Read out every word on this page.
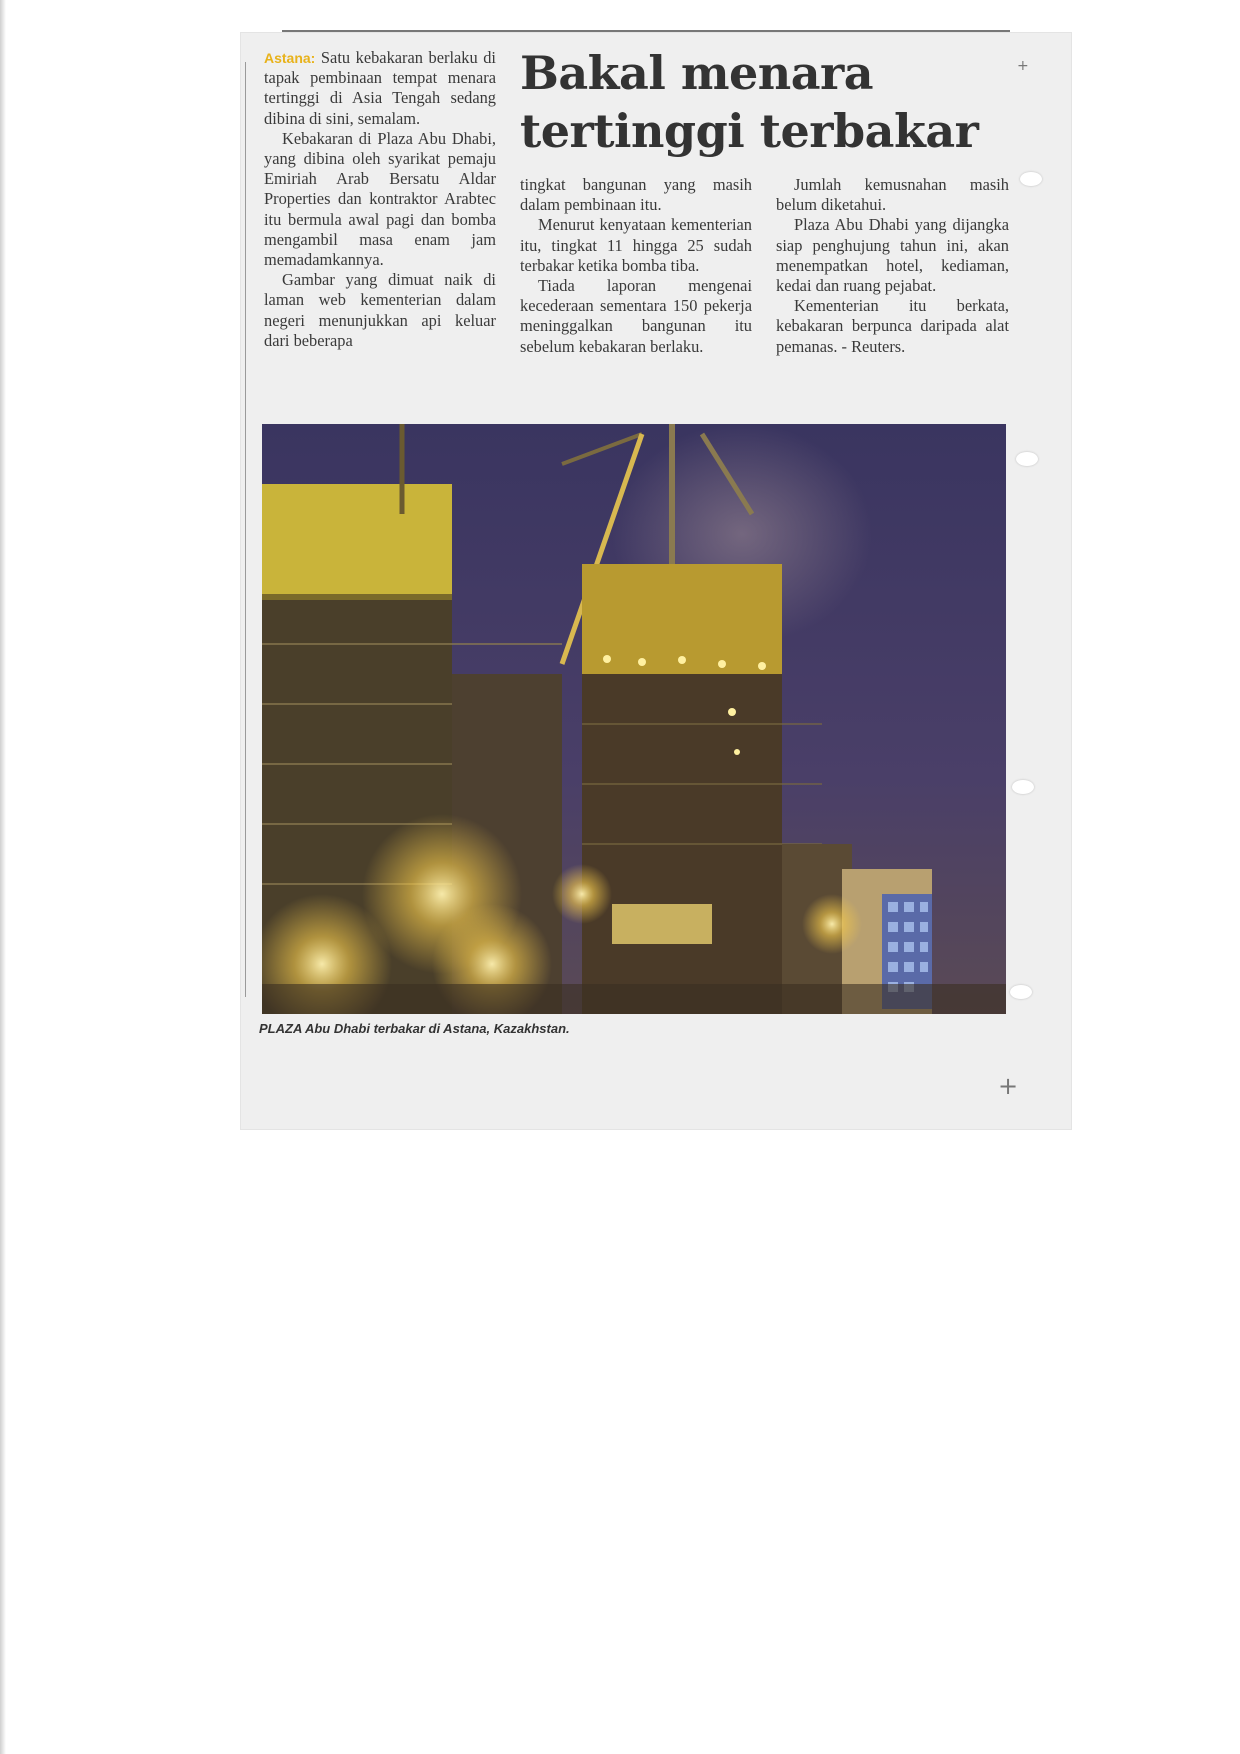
Bakal menara
tertinggi terbakar

Astana: Satu kebakaran berlaku di tapak pembinaan tempat menara tertinggi di Asia Tengah sedang dibina di sini, semalam.

Kebakaran di Plaza Abu Dhabi, yang dibina oleh syarikat pemaju Emiriah Arab Bersatu Aldar Properties dan kontraktor Arabtec itu bermula awal pagi dan bomba mengambil masa enam jam memadamkannya.

Gambar yang dimuat naik di laman web kementerian dalam negeri menunjukkan api keluar dari beberapa

tingkat bangunan yang masih dalam pembinaan itu.

Menurut kenyataan kementerian itu, tingkat 11 hingga 25 sudah terbakar ketika bomba tiba.

Tiada laporan mengenai kecederaan sementara 150 pekerja meninggalkan bangunan itu sebelum kebakaran berlaku.

Jumlah kemusnahan masih belum diketahui.

Plaza Abu Dhabi yang dijangka siap penghujung tahun ini, akan menempatkan hotel, kediaman, kedai dan ruang pejabat.

Kementerian itu berkata, kebakaran berpunca daripada alat pemanas. - Reuters.

PLAZA Abu Dhabi terbakar di Astana, Kazakhstan.
+
+
